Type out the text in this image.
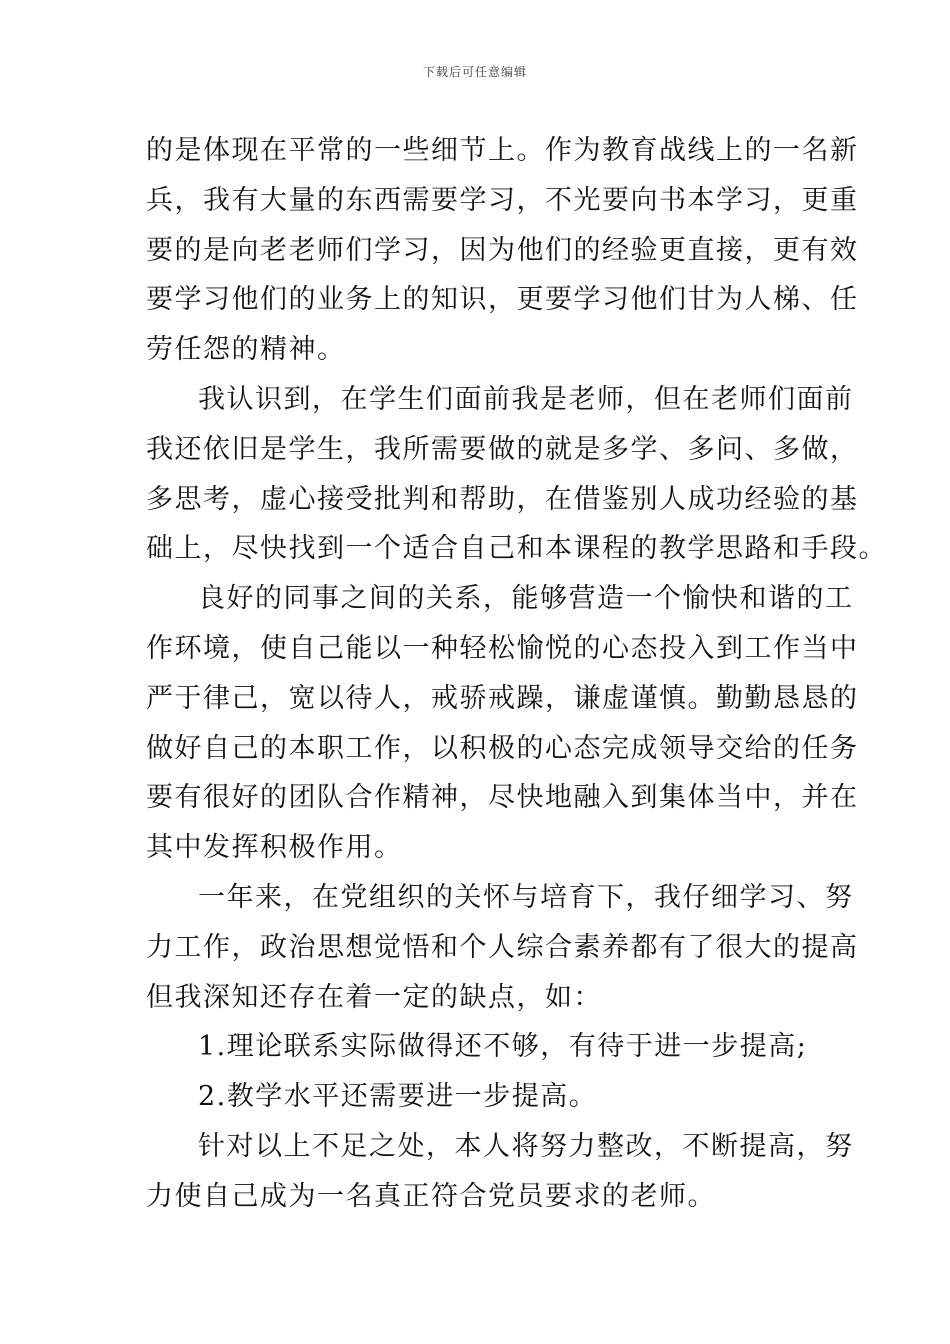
下载后可任意编辑
的是体现在平常的一些细节上。作为教育战线上的一名新
兵，我有大量的东西需要学习，不光要向书本学习，更重
要的是向老老师们学习，因为他们的经验更直接，更有效
要学习他们的业务上的知识，更要学习他们甘为人梯、任
劳任怨的精神。
我认识到，在学生们面前我是老师，但在老师们面前
我还依旧是学生，我所需要做的就是多学、多问、多做，
多思考，虚心接受批判和帮助，在借鉴别人成功经验的基
础上，尽快找到一个适合自己和本课程的教学思路和手段。
良好的同事之间的关系，能够营造一个愉快和谐的工
作环境，使自己能以一种轻松愉悦的心态投入到工作当中
严于律己，宽以待人，戒骄戒躁，谦虚谨慎。勤勤恳恳的
做好自己的本职工作，以积极的心态完成领导交给的任务
要有很好的团队合作精神，尽快地融入到集体当中，并在
其中发挥积极作用。
一年来，在党组织的关怀与培育下，我仔细学习、努
力工作，政治思想觉悟和个人综合素养都有了很大的提高
但我深知还存在着一定的缺点，如：
1.理论联系实际做得还不够，有待于进一步提高;
2.教学水平还需要进一步提高。
针对以上不足之处，本人将努力整改，不断提高，努
力使自己成为一名真正符合党员要求的老师。
